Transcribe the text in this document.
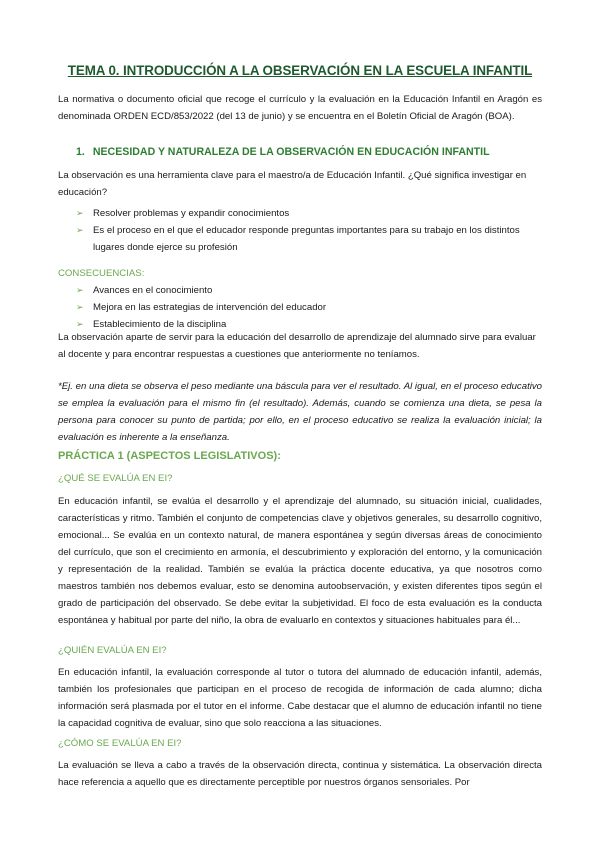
TEMA 0. INTRODUCCIÓN A LA OBSERVACIÓN EN LA ESCUELA INFANTIL
La normativa o documento oficial que recoge el currículo y la evaluación en la Educación Infantil en Aragón es denominada ORDEN ECD/853/2022 (del 13 de junio) y se encuentra en el Boletín Oficial de Aragón (BOA).
1. NECESIDAD Y NATURALEZA DE LA OBSERVACIÓN EN EDUCACIÓN INFANTIL
La observación es una herramienta clave para el maestro/a de Educación Infantil. ¿Qué significa investigar en educación?
➢ Resolver problemas y expandir conocimientos
➢ Es el proceso en el que el educador responde preguntas importantes para su trabajo en los distintos lugares donde ejerce su profesión
CONSECUENCIAS:
➢ Avances en el conocimiento
➢ Mejora en las estrategias de intervención del educador
➢ Establecimiento de la disciplina
La observación aparte de servir para la educación del desarrollo de aprendizaje del alumnado sirve para evaluar al docente y para encontrar respuestas a cuestiones que anteriormente no teníamos.
*Ej. en una dieta se observa el peso mediante una báscula para ver el resultado. Al igual, en el proceso educativo se emplea la evaluación para el mismo fin (el resultado). Además, cuando se comienza una dieta, se pesa la persona para conocer su punto de partida; por ello, en el proceso educativo se realiza la evaluación inicial; la evaluación es inherente a la enseñanza.
PRÁCTICA 1 (ASPECTOS LEGISLATIVOS):
¿QUÉ SE EVALÚA EN EI?
En educación infantil, se evalúa el desarrollo y el aprendizaje del alumnado, su situación inicial, cualidades, características y ritmo. También el conjunto de competencias clave y objetivos generales, su desarrollo cognitivo, emocional... Se evalúa en un contexto natural, de manera espontánea y según diversas áreas de conocimiento del currículo, que son el crecimiento en armonía, el descubrimiento y exploración del entorno, y la comunicación y representación de la realidad. También se evalúa la práctica docente educativa, ya que nosotros como maestros también nos debemos evaluar, esto se denomina autoobservación, y existen diferentes tipos según el grado de participación del observado. Se debe evitar la subjetividad. El foco de esta evaluación es la conducta espontánea y habitual por parte del niño, la obra de evaluarlo en contextos y situaciones habituales para él...
¿QUIÉN EVALÚA EN EI?
En educación infantil, la evaluación corresponde al tutor o tutora del alumnado de educación infantil, además, también los profesionales que participan en el proceso de recogida de información de cada alumno; dicha información será plasmada por el tutor en el informe. Cabe destacar que el alumno de educación infantil no tiene la capacidad cognitiva de evaluar, sino que solo reacciona a las situaciones.
¿CÓMO SE EVALÚA EN EI?
La evaluación se lleva a cabo a través de la observación directa, continua y sistemática. La observación directa hace referencia a aquello que es directamente perceptible por nuestros órganos sensoriales. Por
